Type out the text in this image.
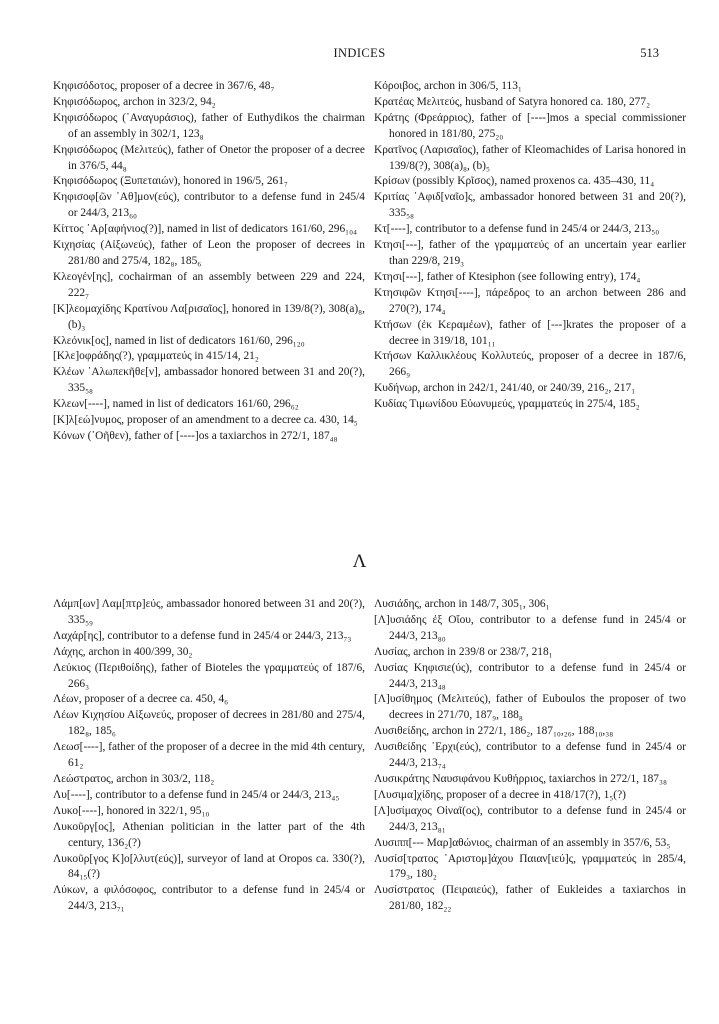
INDICES	513
Κηφισόδοτος, proposer of a decree in 367/6, 48₇
Κηφισόδωρος, archon in 323/2, 94₂
Κηφισόδωρος (᾿Αναγυράσιος), father of Euthydikos the chairman of an assembly in 302/1, 123₈
Κηφισόδωρος (Μελιτεύς), father of Onetor the proposer of a decree in 376/5, 44₈
Κηφισόδωρος (Ξυπεταιών), honored in 196/5, 261₇
Κηφισοφ[ῶν ᾿Αθ]μον(εύς), contributor to a defense fund in 245/4 or 244/3, 213₆₀
Κίττος ᾿Αρ[αφήνιος(?)], named in list of dedicators 161/60, 296₁₀₄
Κιχησίας (Αἰξωνεύς), father of Leon the proposer of decrees in 281/80 and 275/4, 182₈, 185₆
Κλεογέν[ης], cochairman of an assembly between 229 and 224, 222₇
[Κ]λεομαχίδης Κρατίνου Λα[ρισαῖος], honored in 139/8(?), 308(a)₈, (b)₃
Κλεόνικ[ος], named in list of dedicators 161/60, 296₁₂₀
[Κλε]οφράδης(?), γραμματεύς in 415/14, 21₂
Κλέων ᾿Αλωπεκῆθε[ν], ambassador honored between 31 and 20(?), 335₅₈
Κλεων[----], named in list of dedicators 161/60, 296₆₂
[Κ]λ[εώ]νυμος, proposer of an amendment to a decree ca. 430, 14₅
Κόνων (᾿Οῆθεν), father of [----]os a taxiarchos in 272/1, 187₄₈
Κόροιβος, archon in 306/5, 113₁
Κρατέας Μελιτεύς, husband of Satyra honored ca. 180, 277₂
Κράτης (Φρεάρριος), father of [----]mos a special commissioner honored in 181/80, 275₂₀
Κρατῖνος (Λαρισαῖος), father of Kleomachides of Larisa honored in 139/8(?), 308(a)₈, (b)₅
Κρίσων (possibly Κρῖσος), named proxenos ca. 435–430, 11₄
Κριτίας ᾿Αφιδ[ναῖο]ς, ambassador honored between 31 and 20(?), 335₅₈
Κτ[----], contributor to a defense fund in 245/4 or 244/3, 213₅₀
Κτησι[---], father of the γραμματεύς of an uncertain year earlier than 229/8, 219₃
Κτησι[---], father of Ktesiphon (see following entry), 174₄
Κτησιφῶν Κτησι[----], πάρεδρος to an archon between 286 and 270(?), 174₄
Κτήσων (ἐκ Κεραμέων), father of [---]krates the proposer of a decree in 319/18, 101₁₁
Κτήσων Καλλικλέους Κολλυτεύς, proposer of a decree in 187/6, 266₉
Κυδήνωρ, archon in 242/1, 241/40, or 240/39, 216₂, 217₁
Κυδίας Τιμωνίδου Εὐωνυμεύς, γραμματεύς in 275/4, 185₂
Λ
Λάμπ[ων] Λαμ[πτρ]εύς, ambassador honored between 31 and 20(?), 335₅₉
Λαχάρ[ης], contributor to a defense fund in 245/4 or 244/3, 213₇₃
Λάχης, archon in 400/399, 30₂
Λεύκιος (Περιθοίδης), father of Bioteles the γραμματεύς of 187/6, 266₃
Λέων, proposer of a decree ca. 450, 4₆
Λέων Κιχησίου Αἰξωνεύς, proposer of decrees in 281/80 and 275/4, 182₈, 185₆
Λεωσ[----], father of the proposer of a decree in the mid 4th century, 61₂
Λεώστρατος, archon in 303/2, 118₂
Λυ[----], contributor to a defense fund in 245/4 or 244/3, 213₄₅
Λυκο[----], honored in 322/1, 95₁₀
Λυκοῦργ[ος], Athenian politician in the latter part of the 4th century, 136₂(?)
Λυκοῦρ[γος Κ]ο[λλυτ(εύς)], surveyor of land at Oropos ca. 330(?), 84₁₅(?)
Λύκων, a φιλόσοφος, contributor to a defense fund in 245/4 or 244/3, 213₇₁
Λυσιάδης, archon in 148/7, 305₁, 306₁
[Λ]υσιάδης ἐξ Οἴου, contributor to a defense fund in 245/4 or 244/3, 213₈₀
Λυσίας, archon in 239/8 or 238/7, 218₁
Λυσίας Κηφισιε(ύς), contributor to a defense fund in 245/4 or 244/3, 213₄₈
[Λ]υσίθημος (Μελιτεύς), father of Euboulos the proposer of two decrees in 271/70, 187₉, 188₈
Λυσιθείδης, archon in 272/1, 186₂, 187₁₀,₂₆, 188₁₀,₃₈
Λυσιθείδης ᾿Ερχι(εύς), contributor to a defense fund in 245/4 or 244/3, 213₇₄
Λυσικράτης Ναυσιφάνου Κυθήρριος, taxiarchos in 272/1, 187₃₈
[Λυσιμα]χίδης, proposer of a decree in 418/17(?), 1₅(?)
[Λ]υσίμαχος Οἰναῖ(ος), contributor to a defense fund in 245/4 or 244/3, 213₈₁
Λυσιππ[--- Μαρ]αθώνιος, chairman of an assembly in 357/6, 53₅
Λυσίσ[τρατος ᾿Αριστομ]άχου Παιαν[ιεύ]ς, γραμματεύς in 285/4, 179₃, 180₂
Λυσίστρατος (Πειραιεύς), father of Eukleides a taxiarchos in 281/80, 182₂₂
